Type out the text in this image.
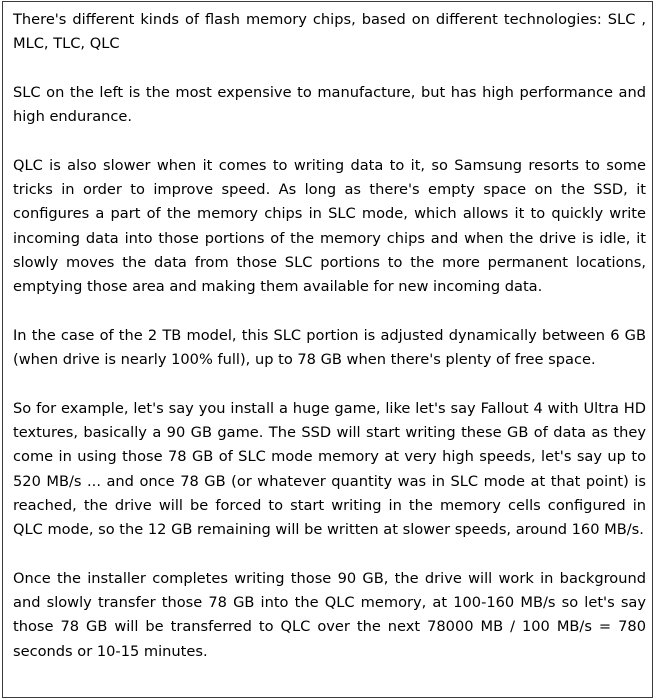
There's different kinds of flash memory chips, based on different technologies: SLC , MLC, TLC, QLC

SLC on the left is the most expensive to manufacture, but has high performance and high endurance.

QLC is also slower when it comes to writing data to it, so Samsung resorts to some tricks in order to improve speed. As long as there's empty space on the SSD, it configures a part of the memory chips in SLC mode, which allows it to quickly write incoming data into those portions of the memory chips and when the drive is idle, it slowly moves the data from those SLC portions to the more permanent locations, emptying those area and making them available for new incoming data.

In the case of the 2 TB model, this SLC portion is adjusted dynamically between 6 GB (when drive is nearly 100% full), up to 78 GB when there's plenty of free space.

So for example, let's say you install a huge game, like let's say Fallout 4 with Ultra HD textures, basically a 90 GB game. The SSD will start writing these GB of data as they come in using those 78 GB of SLC mode memory at very high speeds, let's say up to 520 MB/s ... and once 78 GB (or whatever quantity was in SLC mode at that point) is reached, the drive will be forced to start writing in the memory cells configured in QLC mode, so the 12 GB remaining will be written at slower speeds, around 160 MB/s.

Once the installer completes writing those 90 GB, the drive will work in background and slowly transfer those 78 GB into the QLC memory, at 100-160 MB/s so let's say those 78 GB will be transferred to QLC over the next 78000 MB / 100 MB/s = 780 seconds or 10-15 minutes.
